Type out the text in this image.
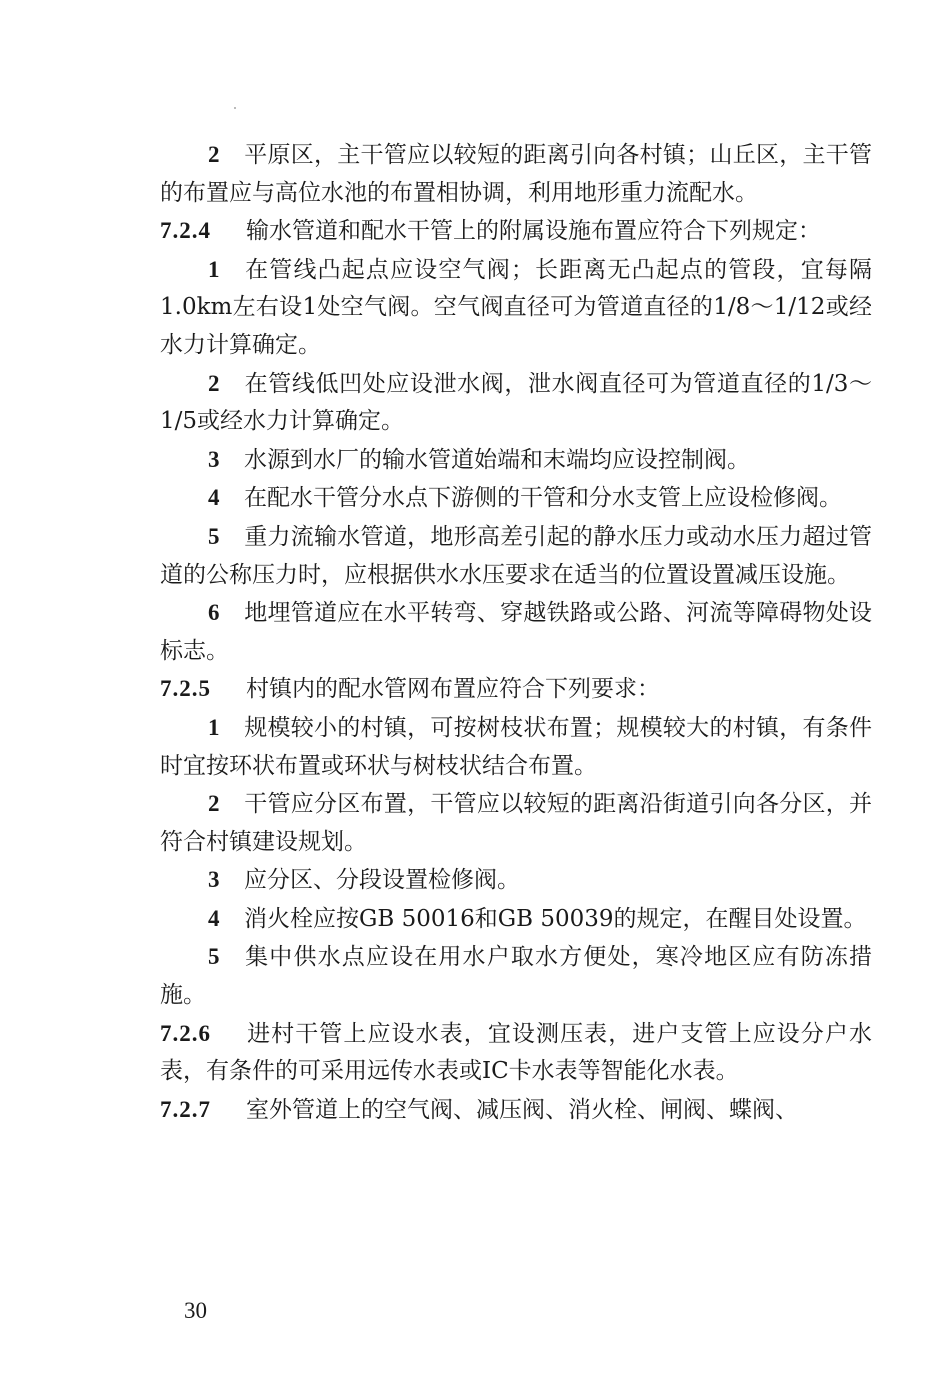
2 平原区，主干管应以较短的距离引向各村镇；山丘区，主干管的布置应与高位水池的布置相协调，利用地形重力流配水。

7.2.4 输水管道和配水干管上的附属设施布置应符合下列规定：

1 在管线凸起点应设空气阀；长距离无凸起点的管段，宜每隔1.0km左右设1处空气阀。空气阀直径可为管道直径的1/8～1/12或经水力计算确定。

2 在管线低凹处应设泄水阀，泄水阀直径可为管道直径的1/3～1/5或经水力计算确定。

3 水源到水厂的输水管道始端和末端均应设控制阀。

4 在配水干管分水点下游侧的干管和分水支管上应设检修阀。

5 重力流输水管道，地形高差引起的静水压力或动水压力超过管道的公称压力时，应根据供水水压要求在适当的位置设置减压设施。

6 地埋管道应在水平转弯、穿越铁路或公路、河流等障碍物处设标志。

7.2.5 村镇内的配水管网布置应符合下列要求：

1 规模较小的村镇，可按树枝状布置；规模较大的村镇，有条件时宜按环状布置或环状与树枝状结合布置。

2 干管应分区布置，干管应以较短的距离沿街道引向各分区，并符合村镇建设规划。

3 应分区、分段设置检修阀。

4 消火栓应按GB 50016和GB 50039的规定，在醒目处设置。

5 集中供水点应设在用水户取水方便处，寒冷地区应有防冻措施。

7.2.6 进村干管上应设水表，宜设测压表，进户支管上应设分户水表，有条件的可采用远传水表或IC卡水表等智能化水表。

7.2.7 室外管道上的空气阀、减压阀、消火栓、闸阀、蝶阀、

30
